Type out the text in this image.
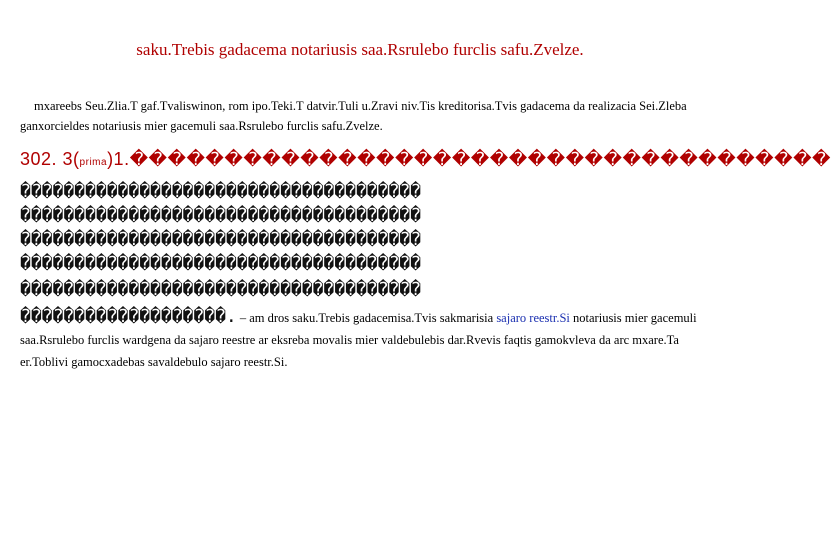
saku.Trebis gadacema notariusis saa.Rsrulebo furclis safu.Zvelze.
mxareebs Seu.Zlia.T gaf.Tvaliswinon, rom ipo.Teki.T datvir.Tuli u.Zravi niv.Tis kreditorisa.Tvis gadacema da realizacia Sei.Zleba ganxorcieldes notariusis mier gacemuli saa.Rsrulebo furclis safu.Zvelze.
302. 3(prima)1.�������������������������������������
�������������������������������������
�������������������������������������
�������������������������������������
�������������������������������������
�������������������������������������
�������������������. – am dros saku.Trebis gadacemisa.Tvis sakmarisia sajaro reestr.Si notariusis mier gacemuli saa.Rsrulebo furclis wardgena da sajaro reestre ar eksreba movalis mier valdebulebis dar.Rvevis faqtis gamokvleva da arc mxare.Ta er.Toblivi gamocxadebas savaldebulo sajaro reestr.Si.
